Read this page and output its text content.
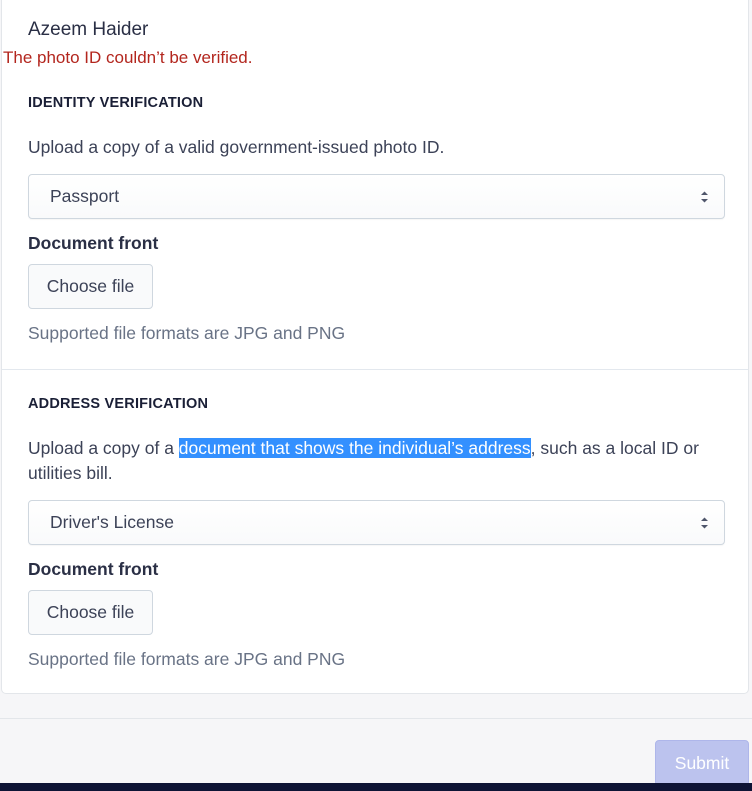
Azeem Haider
The photo ID couldn’t be verified.
IDENTITY VERIFICATION
Upload a copy of a valid government-issued photo ID.
Passport
Document front
Choose file
Supported file formats are JPG and PNG
ADDRESS VERIFICATION
Upload a copy of a document that shows the individual’s address, such as a local ID or utilities bill.
Driver's License
Document front
Choose file
Supported file formats are JPG and PNG
Submit
